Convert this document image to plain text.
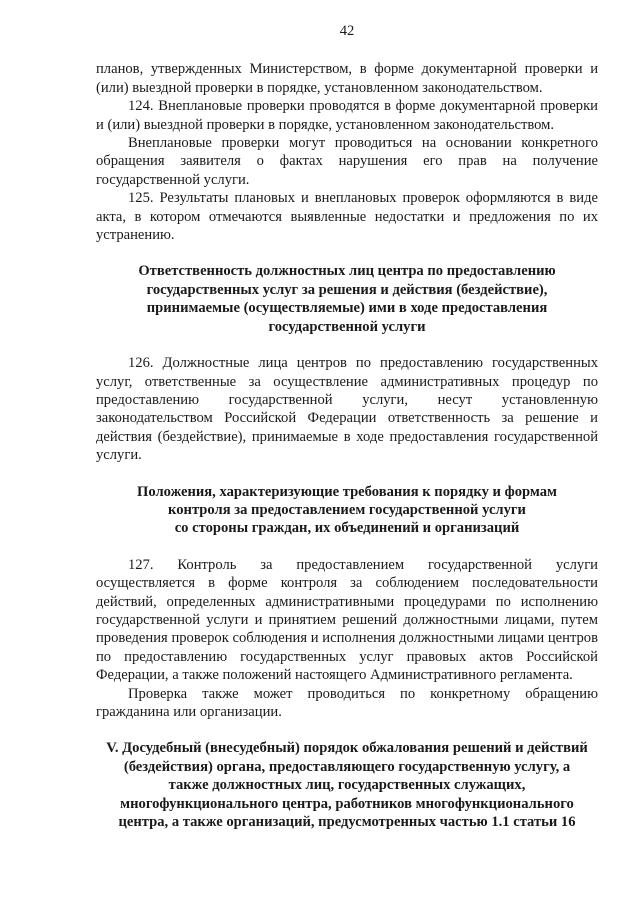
42

планов, утвержденных Министерством, в форме документарной проверки и (или) выездной проверки в порядке, установленном законодательством.

124. Внеплановые проверки проводятся в форме документарной проверки и (или) выездной проверки в порядке, установленном законодательством.

Внеплановые проверки могут проводиться на основании конкретного обращения заявителя о фактах нарушения его прав на получение государственной услуги.

125. Результаты плановых и внеплановых проверок оформляются в виде акта, в котором отмечаются выявленные недостатки и предложения по их устранению.

Ответственность должностных лиц центра по предоставлению

государственных услуг за решения и действия (бездействие),

принимаемые (осуществляемые) ими в ходе предоставления

государственной услуги

126. Должностные лица центров по предоставлению государственных услуг, ответственные за осуществление административных процедур по предоставлению государственной услуги, несут установленную законодательством Российской Федерации ответственность за решение и действия (бездействие), принимаемые в ходе предоставления государственной услуги.

Положения, характеризующие требования к порядку и формам

контроля за предоставлением государственной услуги

со стороны граждан, их объединений и организаций

127. Контроль за предоставлением государственной услуги осуществляется в форме контроля за соблюдением последовательности действий, определенных административными процедурами по исполнению государственной услуги и принятием решений должностными лицами, путем проведения проверок соблюдения и исполнения должностными лицами центров по предоставлению государственных услуг правовых актов Российской Федерации, а также положений настоящего Административного регламента.

Проверка также может проводиться по конкретному обращению гражданина или организации.

V. Досудебный (внесудебный) порядок обжалования решений и действий

(бездействия) органа, предоставляющего государственную услугу, а

также должностных лиц, государственных служащих,

многофункционального центра, работников многофункционального

центра, а также организаций, предусмотренных частью 1.1 статьи 16
